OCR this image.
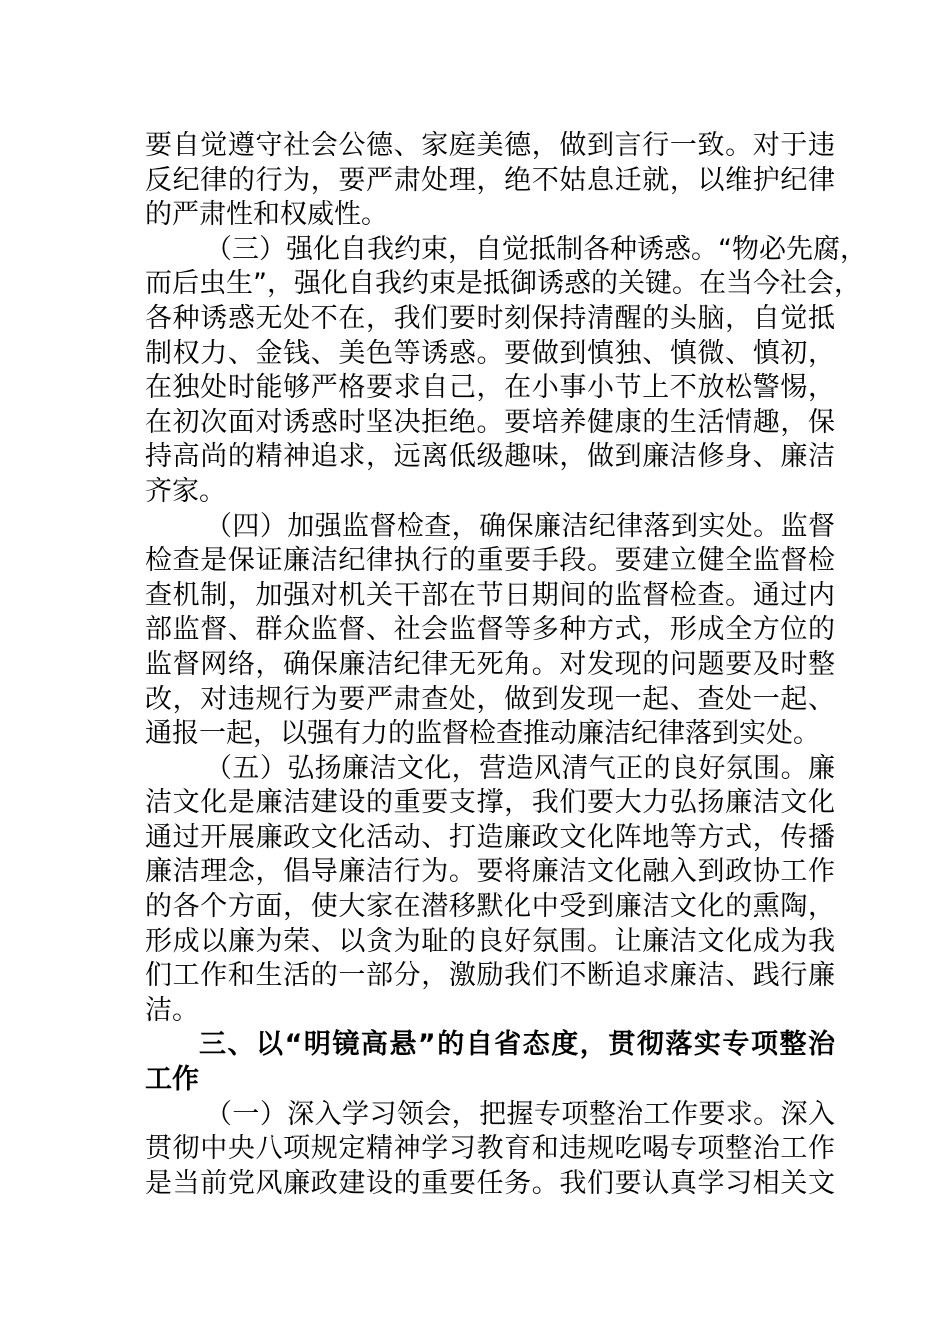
要自觉遵守社会公德、家庭美德，做到言行一致。对于违
反纪律的行为，要严肃处理，绝不姑息迁就，以维护纪律
的严肃性和权威性。
（三）强化自我约束，自觉抵制各种诱惑。“物必先腐，
而后虫生”，强化自我约束是抵御诱惑的关键。在当今社会，
各种诱惑无处不在，我们要时刻保持清醒的头脑，自觉抵
制权力、金钱、美色等诱惑。要做到慎独、慎微、慎初，
在独处时能够严格要求自己，在小事小节上不放松警惕，
在初次面对诱惑时坚决拒绝。要培养健康的生活情趣，保
持高尚的精神追求，远离低级趣味，做到廉洁修身、廉洁
齐家。
（四）加强监督检查，确保廉洁纪律落到实处。监督
检查是保证廉洁纪律执行的重要手段。要建立健全监督检
查机制，加强对机关干部在节日期间的监督检查。通过内
部监督、群众监督、社会监督等多种方式，形成全方位的
监督网络，确保廉洁纪律无死角。对发现的问题要及时整
改，对违规行为要严肃查处，做到发现一起、查处一起、
通报一起，以强有力的监督检查推动廉洁纪律落到实处。
（五）弘扬廉洁文化，营造风清气正的良好氛围。廉
洁文化是廉洁建设的重要支撑，我们要大力弘扬廉洁文化
通过开展廉政文化活动、打造廉政文化阵地等方式，传播
廉洁理念，倡导廉洁行为。要将廉洁文化融入到政协工作
的各个方面，使大家在潜移默化中受到廉洁文化的熏陶，
形成以廉为荣、以贪为耻的良好氛围。让廉洁文化成为我
们工作和生活的一部分，激励我们不断追求廉洁、践行廉
洁。
三、以“明镜高悬”的自省态度，贯彻落实专项整治
工作
（一）深入学习领会，把握专项整治工作要求。深入
贯彻中央八项规定精神学习教育和违规吃喝专项整治工作
是当前党风廉政建设的重要任务。我们要认真学习相关文
